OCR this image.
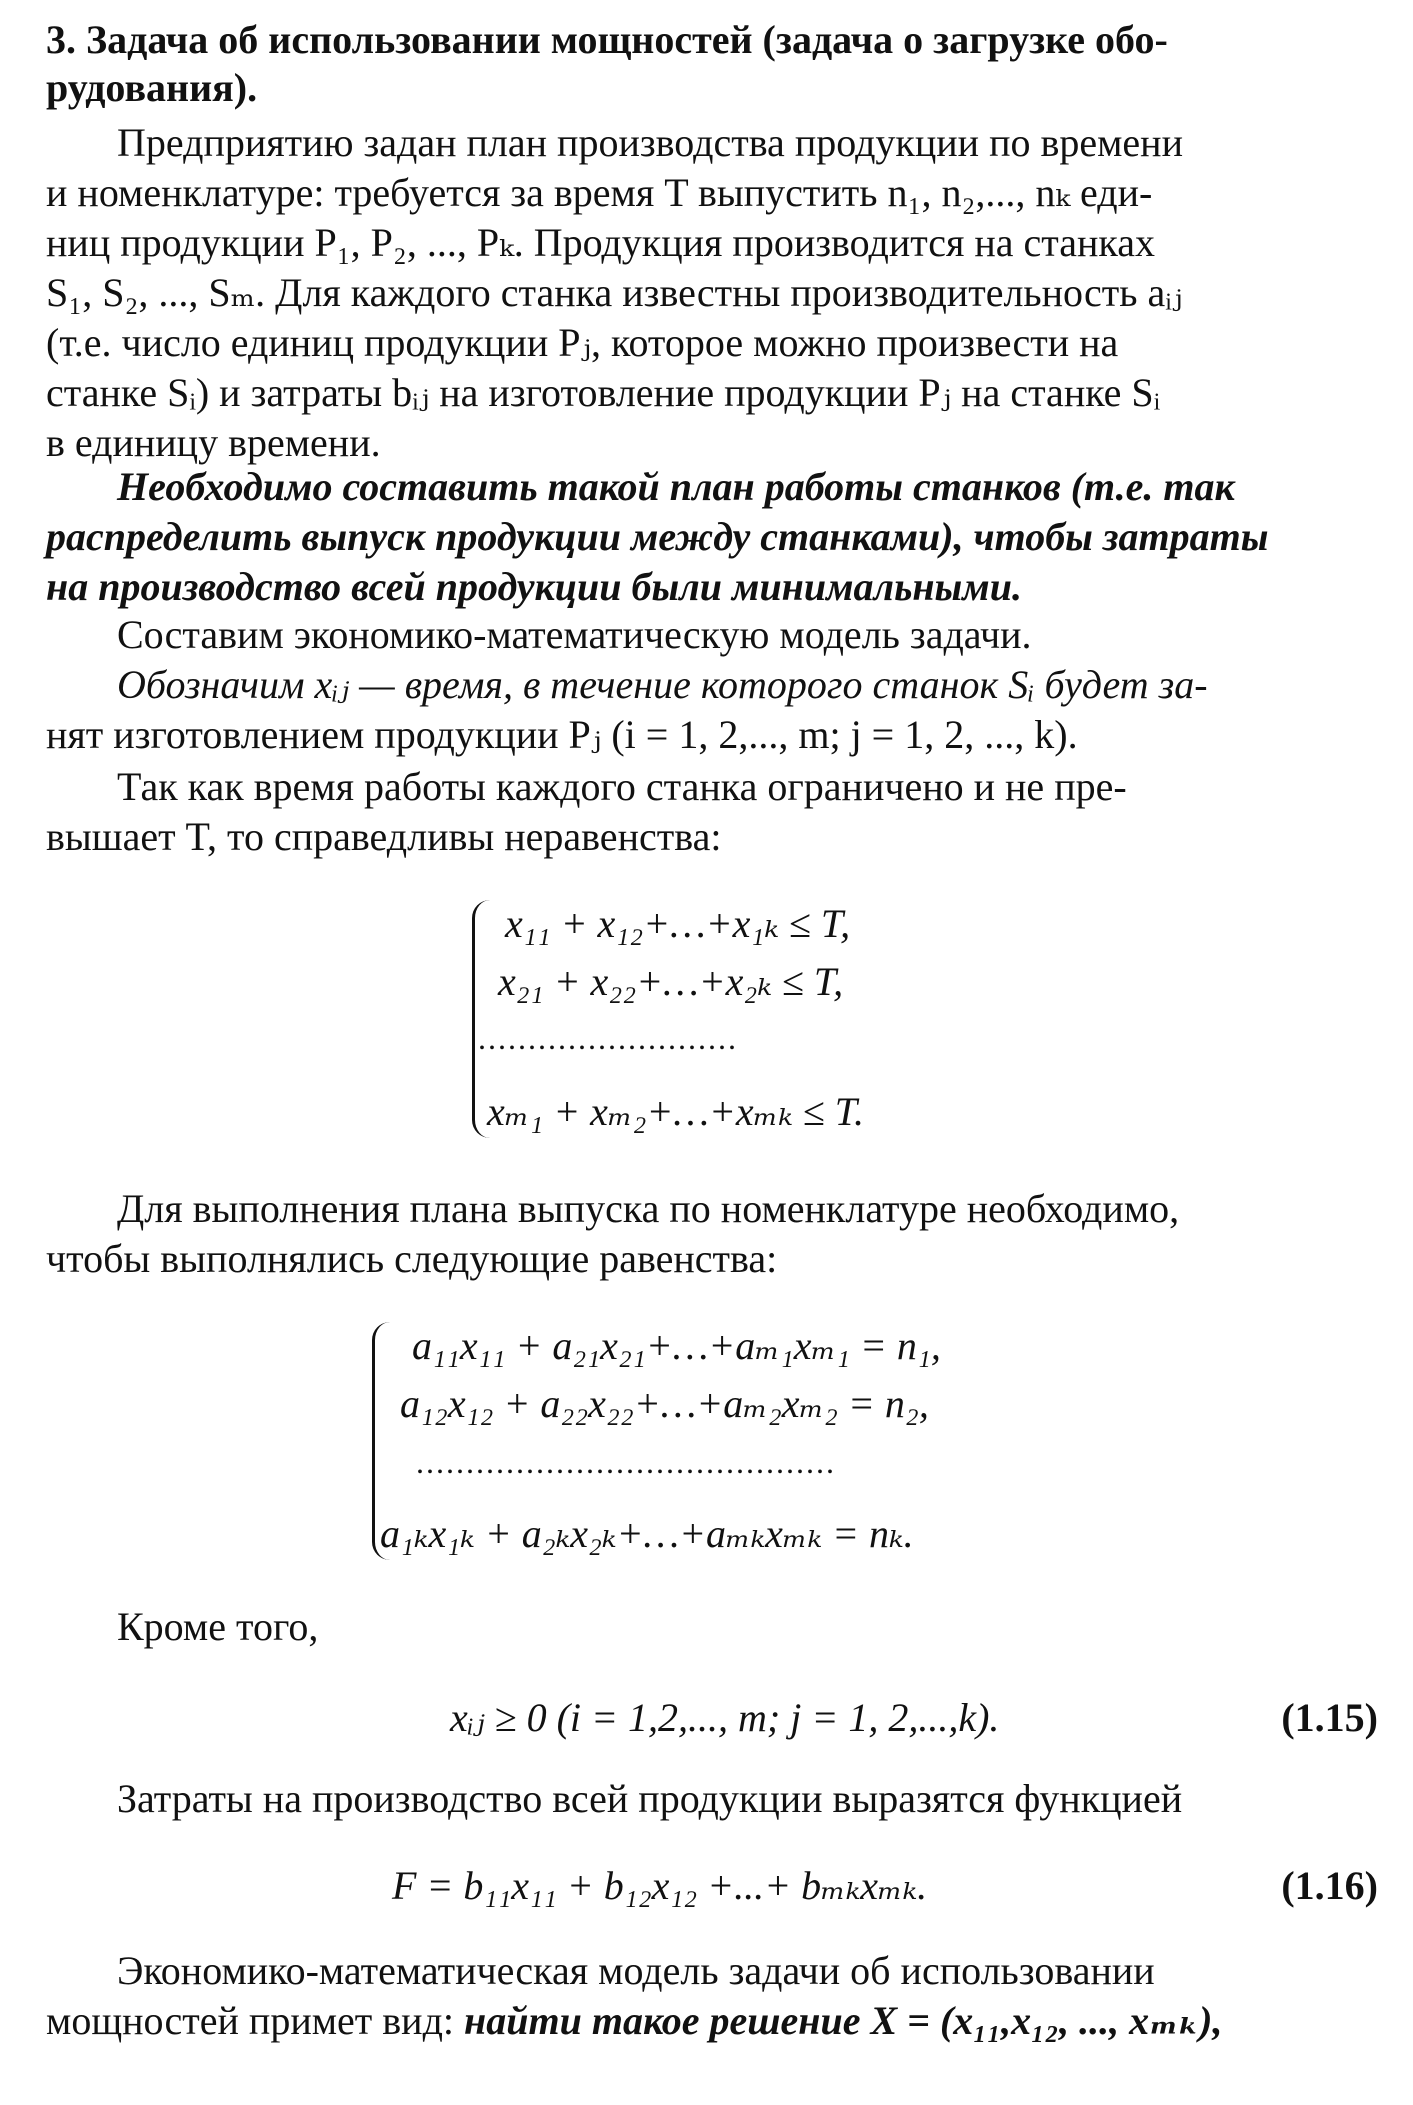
3. Задача об использовании мощностей (задача о загрузке обо-
рудования).
Предприятию задан план производства продукции по времени
и номенклатуре: требуется за время T выпустить n₁, n₂,..., nₖ еди-
ниц продукции P₁, P₂, ..., Pₖ. Продукция производится на станках
S₁, S₂, ..., Sₘ. Для каждого станка известны производительность aᵢⱼ
(т.е. число единиц продукции Pⱼ, которое можно произвести на
станке Sᵢ) и затраты bᵢⱼ на изготовление продукции Pⱼ на станке Sᵢ
в единицу времени.
Необходимо составить такой план работы станков (т.е. так
распределить выпуск продукции между станками), чтобы затраты
на производство всей продукции были минимальными.
Составим экономико-математическую модель задачи.
Обозначим xᵢⱼ — время, в течение которого станок Sᵢ будет за-
нят изготовлением продукции Pⱼ (i = 1, 2,..., m; j = 1, 2, ..., k).
Так как время работы каждого станка ограничено и не пре-
вышает T, то справедливы неравенства:
x₁₁ + x₁₂+…+x₁ₖ ≤ T,
x₂₁ + x₂₂+…+x₂ₖ ≤ T,
..........................
xₘ₁ + xₘ₂+…+xₘₖ ≤ T.
Для выполнения плана выпуска по номенклатуре необходимо,
чтобы выполнялись следующие равенства:
a₁₁x₁₁ + a₂₁x₂₁+…+aₘ₁xₘ₁ = n₁,
a₁₂x₁₂ + a₂₂x₂₂+…+aₘ₂xₘ₂ = n₂,
..........................................
a₁ₖx₁ₖ + a₂ₖx₂ₖ+…+aₘₖxₘₖ = nₖ.
Кроме того,
xᵢⱼ ≥ 0 (i = 1,2,..., m; j = 1, 2,...,k).	(1.15)
Затраты на производство всей продукции выразятся функцией
F = b₁₁x₁₁ + b₁₂x₁₂ +...+ bₘₖxₘₖ.	(1.16)
Экономико-математическая модель задачи об использовании
мощностей примет вид: найти такое решение X = (x₁₁,x₁₂, ..., xₘₖ),
